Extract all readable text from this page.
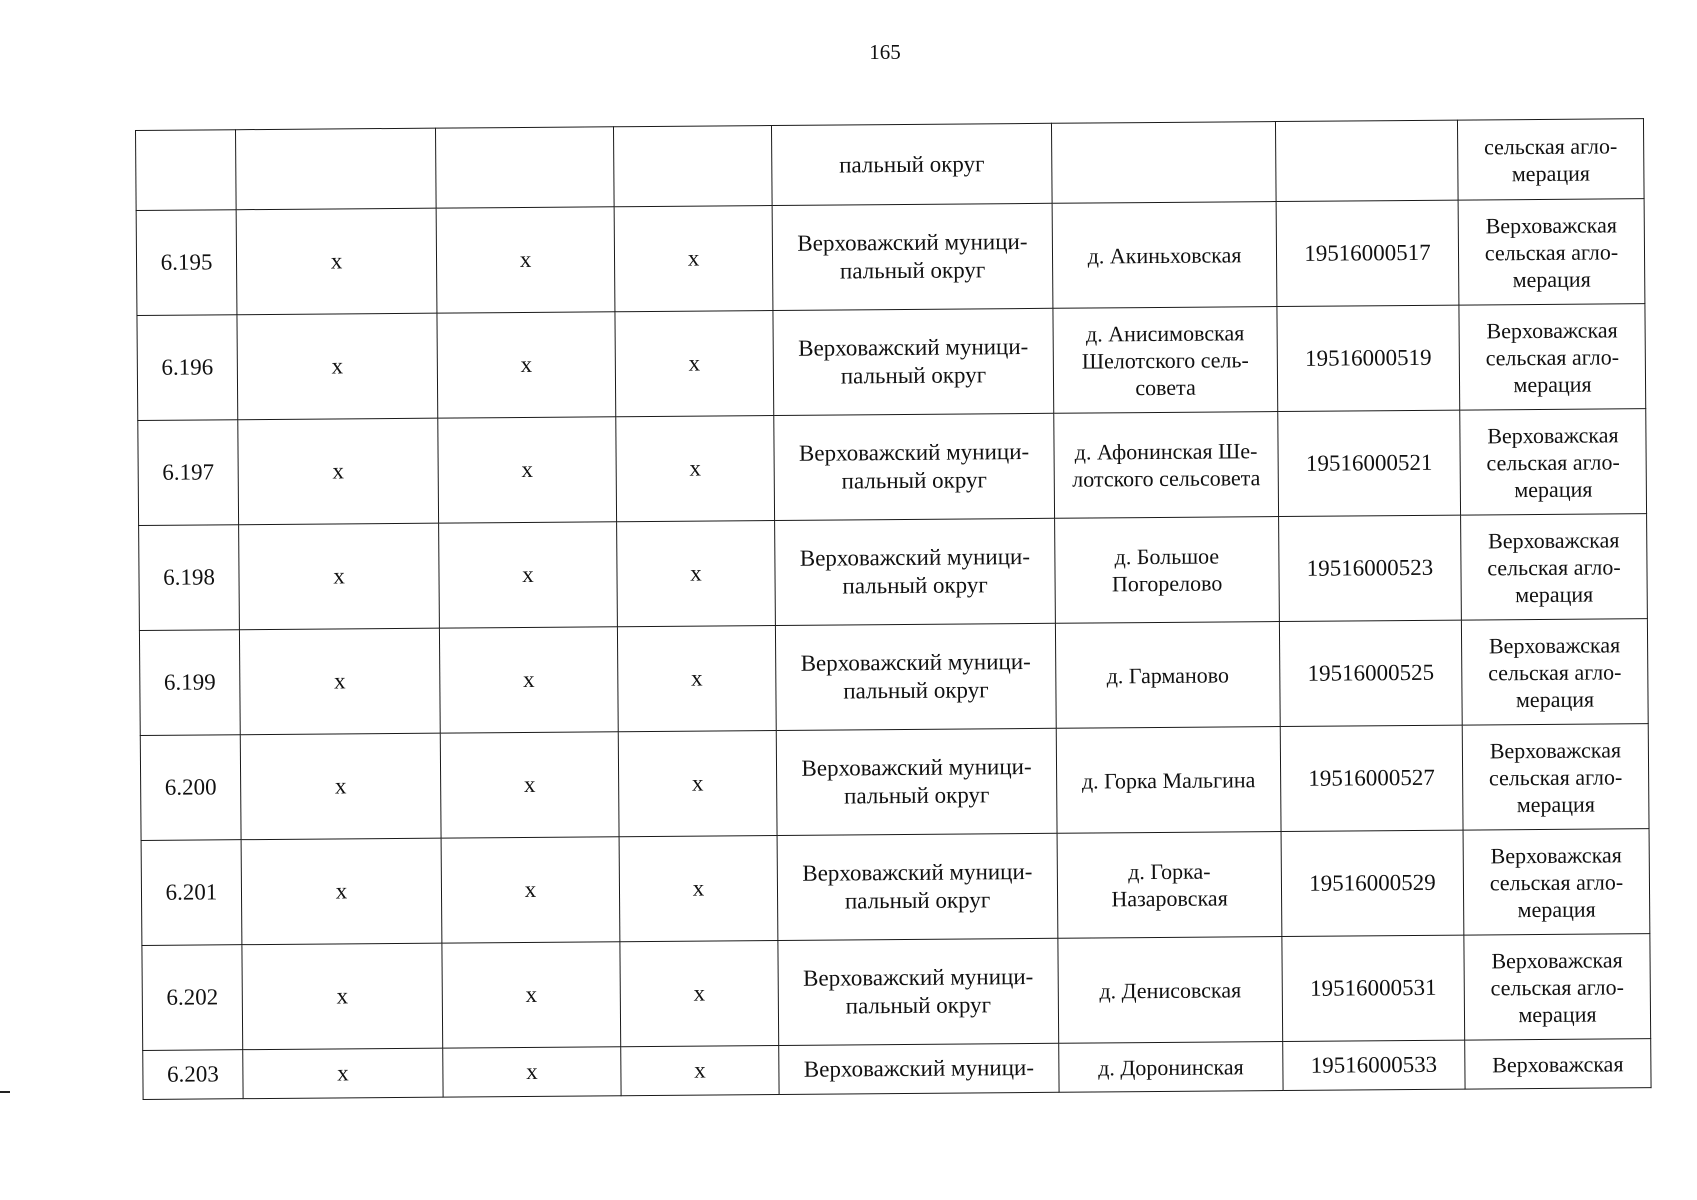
165
				пальный округ			сельская агло-
мерация
6.195	x	x	x	Верховажский муници-
пальный округ	д. Акиньховская	19516000517	Верховажская
сельская агло-
мерация
6.196	x	x	x	Верховажский муници-
пальный округ	д. Анисимовская
Шелотского сель-
совета	19516000519	Верховажская
сельская агло-
мерация
6.197	x	x	x	Верховажский муници-
пальный округ	д. Афонинская Ше-
лотского сельсовета	19516000521	Верховажская
сельская агло-
мерация
6.198	x	x	x	Верховажский муници-
пальный округ	д. Большое
Погорелово	19516000523	Верховажская
сельская агло-
мерация
6.199	x	x	x	Верховажский муници-
пальный округ	д. Гарманово	19516000525	Верховажская
сельская агло-
мерация
6.200	x	x	x	Верховажский муници-
пальный округ	д. Горка Мальгина	19516000527	Верховажская
сельская агло-
мерация
6.201	x	x	x	Верховажский муници-
пальный округ	д. Горка-
Назаровская	19516000529	Верховажская
сельская агло-
мерация
6.202	x	x	x	Верховажский муници-
пальный округ	д. Денисовская	19516000531	Верховажская
сельская агло-
мерация
6.203	x	x	x	Верховажский муници-	д. Доронинская	19516000533	Верховажская
